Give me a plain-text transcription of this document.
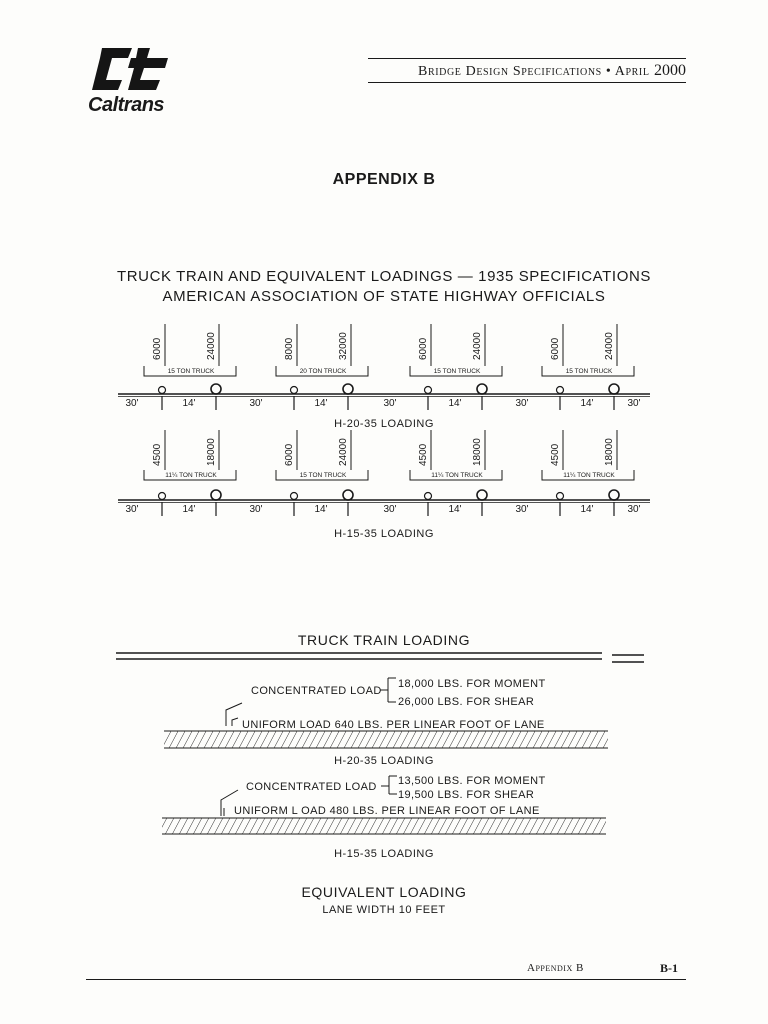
Caltrans
Bridge Design Specifications • April 2000
APPENDIX B
TRUCK TRAIN AND EQUIVALENT LOADINGS — 1935 SPECIFICATIONS
AMERICAN ASSOCIATION OF STATE HIGHWAY OFFICIALS
6000	24000
15 TON TRUCK
14'
8000	32000
20 TON TRUCK
14'
6000	24000
15 TON TRUCK
14'
6000	24000
15 TON TRUCK
14'
30'	30'	30'	30'	30'
H-20-35 LOADING
4500	18000
11¼ TON TRUCK
14'
6000	24000
15 TON TRUCK
14'
4500	18000
11¼ TON TRUCK
14'
4500	18000
11¼ TON TRUCK
14'
30'	30'	30'	30'	30'
H-15-35 LOADING
TRUCK TRAIN LOADING
CONCENTRATED LOAD
18,000 LBS. FOR MOMENT
26,000 LBS. FOR SHEAR
UNIFORM LOAD 640 LBS. PER LINEAR FOOT OF LANE
CONCENTRATED LOAD 13,500 LBS. FOR MOMENT
19,500 LBS. FOR SHEAR
UNIFORM L OAD 480 LBS. PER LINEAR FOOT OF LANE
H-20-35 LOADING
H-15-35 LOADING
EQUIVALENT LOADING
LANE WIDTH 10 FEET
Appendix B	B-1
